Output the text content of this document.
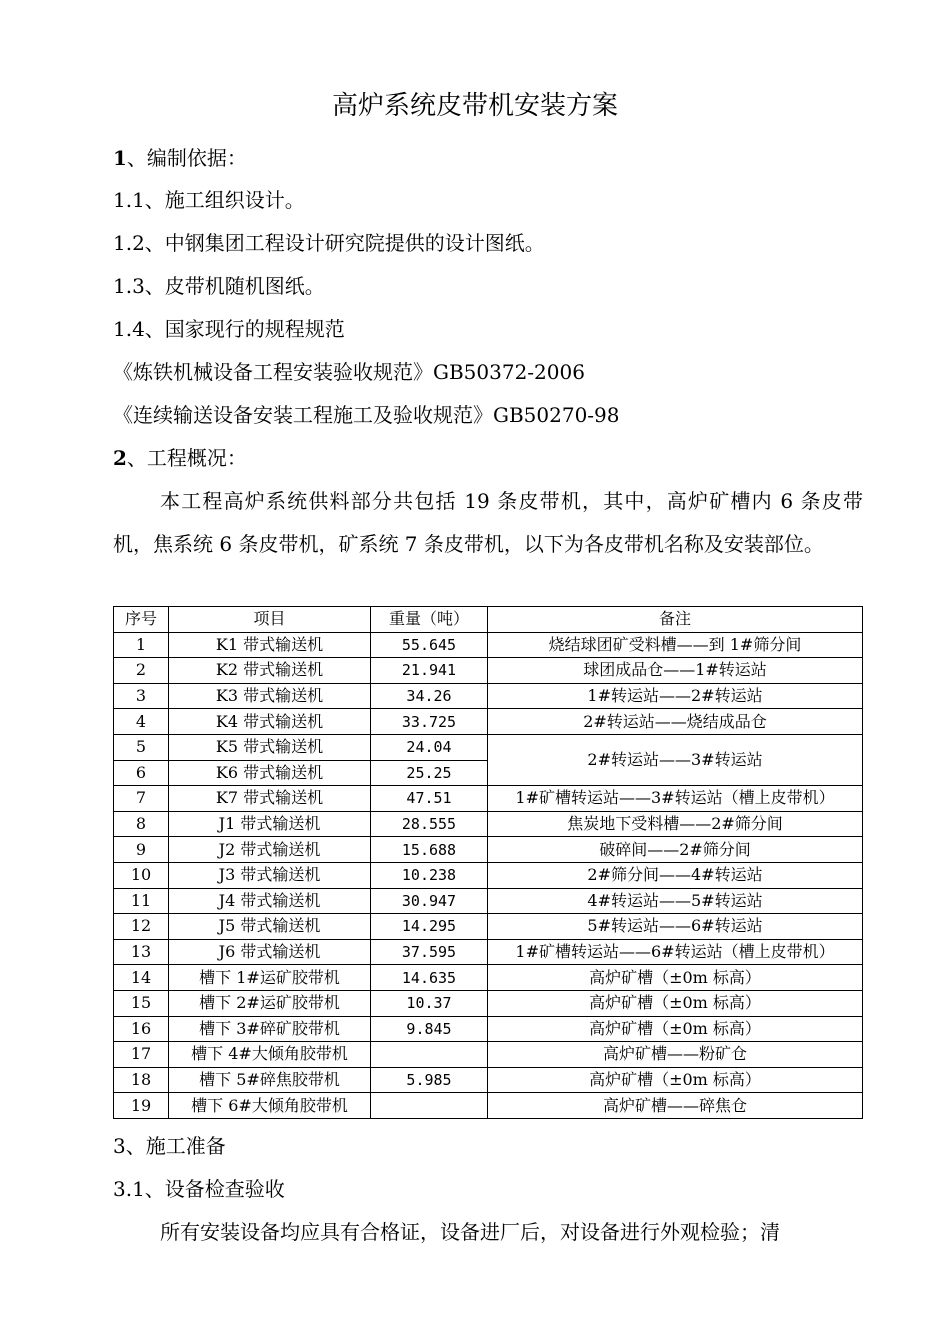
高炉系统皮带机安装方案
1、编制依据：
1.1、施工组织设计。
1.2、中钢集团工程设计研究院提供的设计图纸。
1.3、皮带机随机图纸。
1.4、国家现行的规程规范
《炼铁机械设备工程安装验收规范》GB50372-2006
《连续输送设备安装工程施工及验收规范》GB50270-98
2、工程概况：
本工程高炉系统供料部分共包括 19 条皮带机，其中，高炉矿槽内 6 条皮带机，焦系统 6 条皮带机，矿系统 7 条皮带机，以下为各皮带机名称及安装部位。
序号	项目	重量（吨）	备注
1	K1 带式输送机	55.645	烧结球团矿受料槽——到 1#筛分间
2	K2 带式输送机	21.941	球团成品仓——1#转运站
3	K3 带式输送机	34.26	1#转运站——2#转运站
4	K4 带式输送机	33.725	2#转运站——烧结成品仓
5	K5 带式输送机	24.04	2#转运站——3#转运站
6	K6 带式输送机	25.25	
7	K7 带式输送机	47.51	1#矿槽转运站——3#转运站（槽上皮带机）
8	J1 带式输送机	28.555	焦炭地下受料槽——2#筛分间
9	J2 带式输送机	15.688	破碎间——2#筛分间
10	J3 带式输送机	10.238	2#筛分间——4#转运站
11	J4 带式输送机	30.947	4#转运站——5#转运站
12	J5 带式输送机	14.295	5#转运站——6#转运站
13	J6 带式输送机	37.595	1#矿槽转运站——6#转运站（槽上皮带机）
14	槽下 1#运矿胶带机	14.635	高炉矿槽（±0m 标高）
15	槽下 2#运矿胶带机	10.37	高炉矿槽（±0m 标高）
16	槽下 3#碎矿胶带机	9.845	高炉矿槽（±0m 标高）
17	槽下 4#大倾角胶带机		高炉矿槽——粉矿仓
18	槽下 5#碎焦胶带机	5.985	高炉矿槽（±0m 标高）
19	槽下 6#大倾角胶带机		高炉矿槽——碎焦仓
3、施工准备
3.1、设备检查验收
所有安装设备均应具有合格证，设备进厂后，对设备进行外观检验；清
